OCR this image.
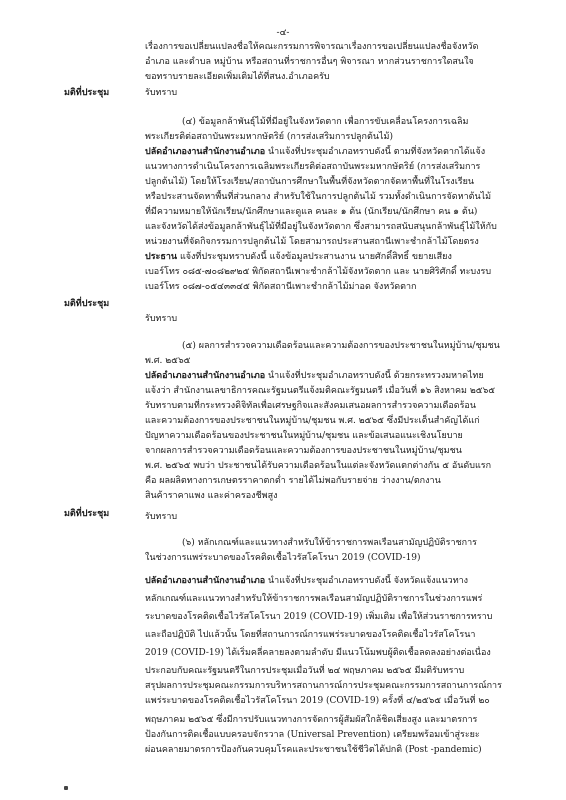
-๔-
เรื่องการขอเปลี่ยนแปลงชื่อให้คณะกรรมการพิจารณาเรื่องการขอเปลี่ยนแปลงชื่อจังหวัด
อำเภอ และตำบล หมู่บ้าน หรือสถานที่ราชการอื่นๆ พิจารณา หากส่วนราชการใดสนใจ
ขอทราบรายละเอียดเพิ่มเติมได้ที่สนง.อำเภอครับ
มติที่ประชุม	รับทราบ
(๔) ข้อมูลกล้าพันธุ์ไม้ที่มีอยู่ในจังหวัดตาก เพื่อการขับเคลื่อนโครงการเฉลิม
พระเกียรติต่อสถาบันพระมหากษัตริย์ (การส่งเสริมการปลูกต้นไม้)
ปลัดอำเภองานสำนักงานอำเภอ นำแจ้งที่ประชุมอำเภอทราบดังนี้ ตามที่จังหวัดตากได้แจ้ง
แนวทางการดำเนินโครงการเฉลิมพระเกียรติต่อสถาบันพระมหากษัตริย์ (การส่งเสริมการ
ปลูกต้นไม้) โดยให้โรงเรียน/สถาบันการศึกษาในพื้นที่จังหวัดตากจัดหาพื้นที่ในโรงเรียน
หรือประสานจัดหาพื้นที่ส่วนกลาง สำหรับใช้ในการปลูกต้นไม้ รวมทั้งดำเนินการจัดหาต้นไม้
ที่มีความหมายให้นักเรียน/นักศึกษาและดูแล คนละ ๑ ต้น (นักเรียน/นักศึกษา คน ๑ ต้น)
และจังหวัดได้ส่งข้อมูลกล้าพันธุ์ไม้ที่มีอยู่ในจังหวัดตาก ซึ่งสามารถสนับสนุนกล้าพันธุ์ไม้ให้กับ
หน่วยงานที่จัดกิจกรรมการปลูกต้นไม้ โดยสามารถประสานสถานีเพาะชำกล้าไม้โดยตรง
ประธาน แจ้งที่ประชุมทราบดังนี้ แจ้งข้อมูลประสานงาน นายศักดิ์สิทธิ์ ขยายเสียง
เบอร์โทร ๐๘๕-๗๐๘๒๙๒๕ พิกัดสถานีเพาะชำกล้าไม้จังหวัดตาก และ นายศิริศักดิ์ ทะบงรบ
เบอร์โทร ๐๘๗-๐๕๔๓๓๔๕ พิกัดสถานีเพาะชำกล้าไม้ม่าอด จังหวัดตาก
มติที่ประชุม
รับทราบ
(๕) ผลการสำรวจความเดือดร้อนและความต้องการของประชาชนในหมู่บ้าน/ชุมชน
พ.ศ. ๒๕๖๕
ปลัดอำเภองานสำนักงานอำเภอ นำแจ้งที่ประชุมอำเภอทราบดังนี้ ด้วยกระทรวงมหาดไทย
แจ้งว่า สำนักงานเลขาธิการคณะรัฐมนตรีแจ้งมติคณะรัฐมนตรี เมื่อวันที่ ๑๖ สิงหาคม ๒๕๖๕
รับทราบตามที่กระทรวงดิจิทัลเพื่อเศรษฐกิจและสังคมเสนอผลการสำรวจความเดือดร้อน
และความต้องการของประชาชนในหมู่บ้าน/ชุมชน พ.ศ. ๒๕๖๕ ซึ่งมีประเด็นสำคัญได้แก่
ปัญหาความเดือดร้อนของประชาชนในหมู่บ้าน/ชุมชน และข้อเสนอแนะเชิงนโยบาย
จากผลการสำรวจความเดือดร้อนและความต้องการของประชาชนในหมู่บ้าน/ชุมชน
พ.ศ. ๒๕๖๕ พบว่า ประชาชนได้รับความเดือดร้อนในแต่ละจังหวัดแตกต่างกัน ๕ อันดับแรก
คือ ผลผลิตทางการเกษตรราคาตกต่ำ รายได้ไม่พอกับรายจ่าย ว่างงาน/ตกงาน
สินค้าราคาแพง และค่าครองชีพสูง
มติที่ประชุม	รับทราบ
(๖) หลักเกณฑ์และแนวทางสำหรับให้ข้าราชการพลเรือนสามัญปฏิบัติราชการ
ในช่วงการแพร่ระบาดของโรคติดเชื้อไวรัสโคโรนา 2019 (COVID-19)
ปลัดอำเภองานสำนักงานอำเภอ นำแจ้งที่ประชุมอำเภอทราบดังนี้ จังหวัดแจ้งแนวทาง
หลักเกณฑ์และแนวทางสำหรับให้ข้าราชการพลเรือนสามัญปฏิบัติราชการในช่วงการแพร่
ระบาดของโรคติดเชื้อไวรัสโคโรนา 2019 (COVID-19) เพิ่มเติม เพื่อให้ส่วนราชการทราบ
และถือปฏิบัติ ไปแล้วนั้น โดยที่สถานการณ์การแพร่ระบาดของโรคติดเชื้อไวรัสโคโรนา
2019 (COVID-19) ได้เริ่มคลี่คลายลงตามลำดับ มีแนวโน้มพบผู้ติดเชื้อลดลงอย่างต่อเนื่อง
ประกอบกับคณะรัฐมนตรีในการประชุมเมื่อวันที่ ๒๔ พฤษภาคม ๒๕๖๕ มีมติรับทราบ
สรุปผลการประชุมคณะกรรมการบริหารสถานการณ์การประชุมคณะกรรมการสถานการณ์การ
แพร่ระบาดของโรคติดเชื้อไวรัสโคโรนา 2019 (COVID-19) ครั้งที่ ๔/๒๕๖๕ เมื่อวันที่ ๒๐
พฤษภาคม ๒๕๖๕ ซึ่งมีการปรับแนวทางการจัดการผู้สัมผัสใกล้ชิดเสี่ยงสูง และมาตรการ
ป้องกันการติดเชื้อแบบครอบจักรวาล (Universal Prevention) เตรียมพร้อมเข้าสู่ระยะ
ผ่อนคลายมาตรการป้องกันควบคุมโรคและประชาชนใช้ชีวิตได้ปกติ (Post -pandemic)
